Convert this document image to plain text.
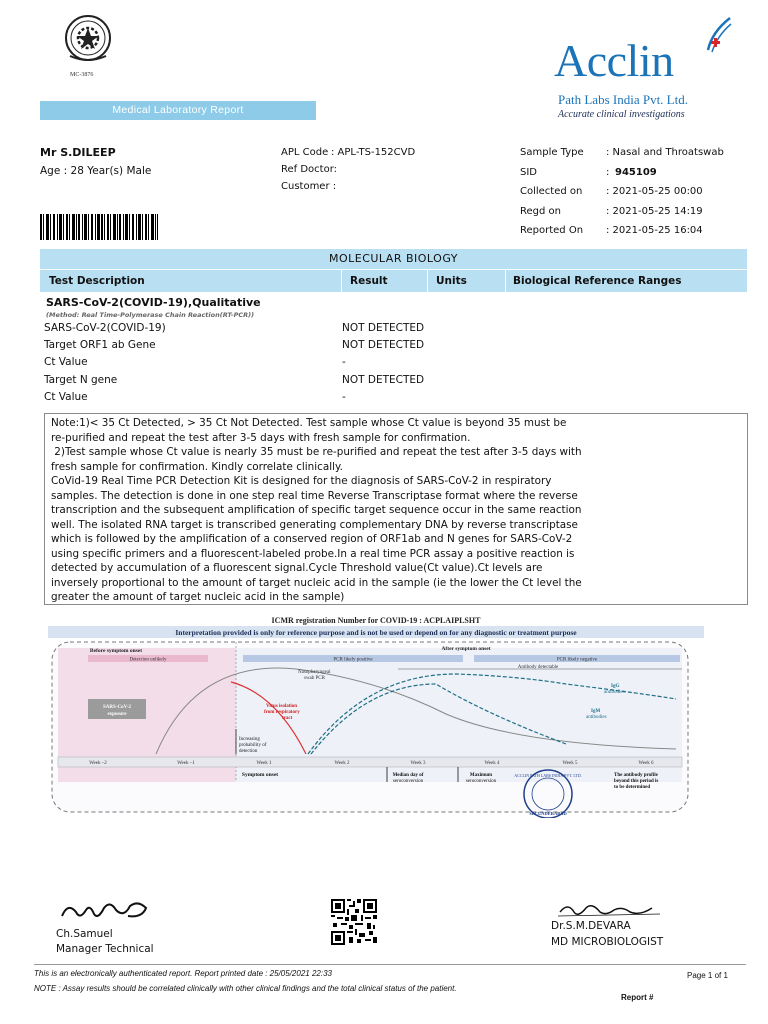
MC-3876
Medical Laboratory Report
Acclin
Path Labs India Pvt. Ltd.
Accurate clinical investigations
Mr S.DILEEP
Age : 28 Year(s) Male
APL Code : APL-TS-152CVD
Ref Doctor:
Customer :
Sample Type : Nasal and Throatswab
SID	: 945109
Collected on : 2021-05-25 00:00
Regd on	: 2021-05-25 14:19
Reported On : 2021-05-25 16:04
MOLECULAR BIOLOGY
Test Description	Result	Units	Biological Reference Ranges
SARS-CoV-2(COVID-19),Qualitative
(Method: Real Time-Polymerase Chain Reaction(RT-PCR))
SARS-CoV-2(COVID-19)	NOT DETECTED
Target ORF1 ab Gene	NOT DETECTED
Ct Value	-
Target N gene	NOT DETECTED
Ct Value	-
Note:1)< 35 Ct Detected, > 35 Ct Not Detected. Test sample whose Ct value is beyond 35 must be
re-purified and repeat the test after 3-5 days with fresh sample for confirmation.
2)Test sample whose Ct value is nearly 35 must be re-purified and repeat the test after 3-5 days with
fresh sample for confirmation. Kindly correlate clinically.
CoVid-19 Real Time PCR Detection Kit is designed for the diagnosis of SARS-CoV-2 in respiratory
samples. The detection is done in one step real time Reverse Transcriptase format where the reverse
transcription and the subsequent amplification of specific target sequence occur in the same reaction
well. The isolated RNA target is transcribed generating complementary DNA by reverse transcriptase
which is followed by the amplification of a conserved region of ORF1ab and N genes for SARS-CoV-2
using specific primers and a fluorescent-labeled probe.In a real time PCR assay a positive reaction is
detected by accumulation of a fluorescent signal.Cycle Threshold value(Ct value).Ct levels are
inversely proportional to the amount of target nucleic acid in the sample (ie the lower the Ct level the
greater the amount of target nucleic acid in the sample)
ICMR registration Number for COVID-19 : ACPLAIPLSHT
Interpretation provided is only for reference purpose and is not be used or depend on for any diagnostic or treatment purpose
Before symptom onset	After symptom onset
Detection unlikely	PCR likely positive	PCR likely negative
Antibody detectable
Nasopharyngeal
swab PCR
Virus isolation
from respiratory
tract
IgG
antibodies
IgM
antibodies
SARS-CoV-2
exposure
Increasing
probability of
detection
Week –2	Week –1	Week 1	Week 2	Week 3	Week 4	Week 5	Week 6
Symptom onset	Median day of
seroconversion
Maximum
seroconversion
The antibody profile
beyond this period is
to be determined
ACCLIN PATH LABS INDIA PVT. LTD.
SECUNDERABAD
Ch.Samuel
Manager Technical
Dr.S.M.DEVARA
MD MICROBIOLOGIST
This is an electronically authenticated report. Report printed date : 25/05/2021 22:33
NOTE : Assay results should be correlated clinically with other clinical findings and the total clinical status of the patient.
Page 1 of 1
Report #
